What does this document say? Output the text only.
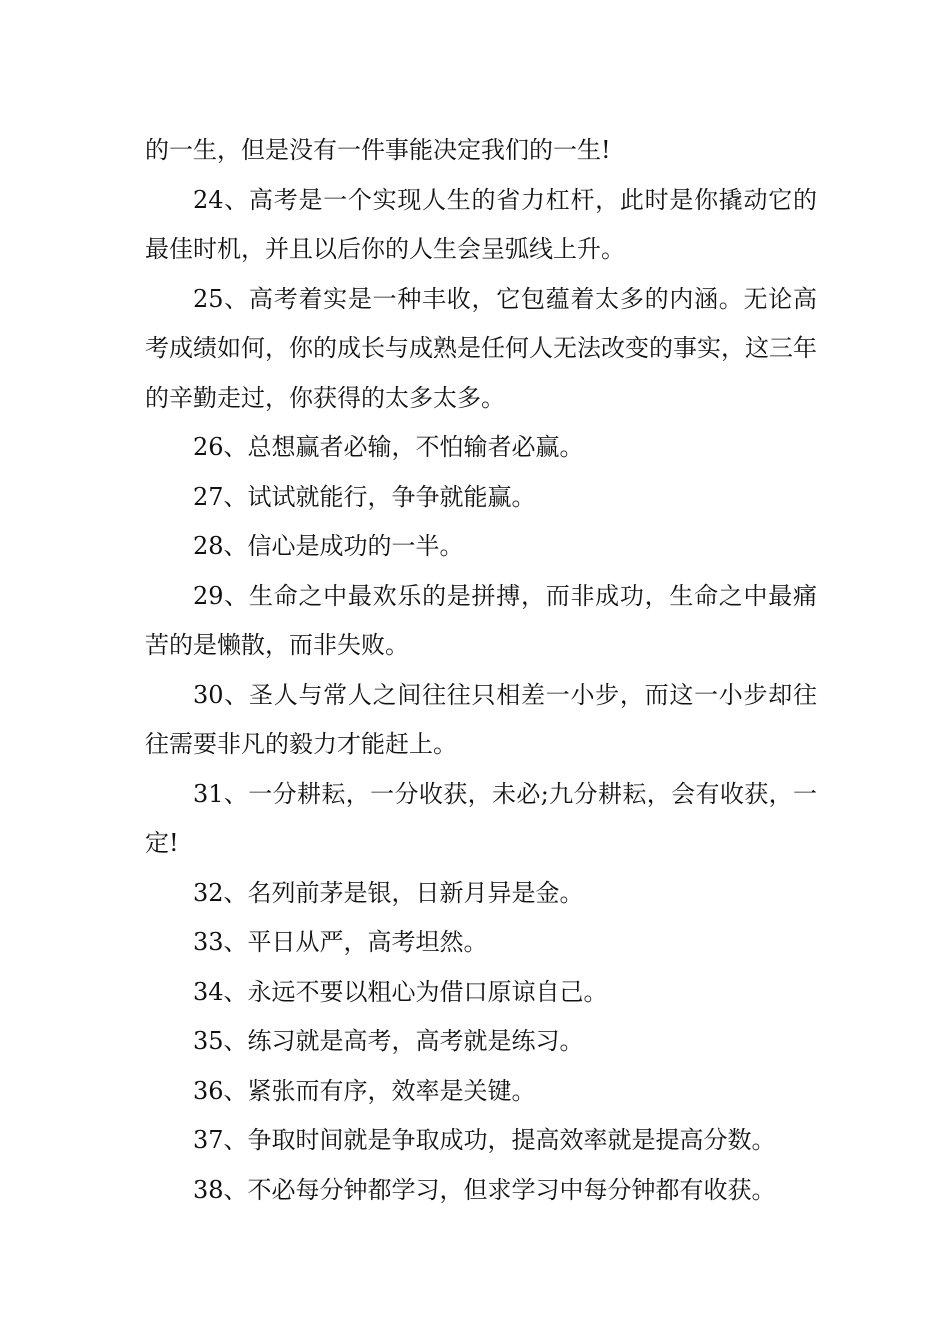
的一生，但是没有一件事能决定我们的一生!

24、高考是一个实现人生的省力杠杆，此时是你撬动它的最佳时机，并且以后你的人生会呈弧线上升。

25、高考着实是一种丰收，它包蕴着太多的内涵。无论高考成绩如何，你的成长与成熟是任何人无法改变的事实，这三年的辛勤走过，你获得的太多太多。

26、总想赢者必输，不怕输者必赢。

27、试试就能行，争争就能赢。

28、信心是成功的一半。

29、生命之中最欢乐的是拼搏，而非成功，生命之中最痛苦的是懒散，而非失败。

30、圣人与常人之间往往只相差一小步，而这一小步却往往需要非凡的毅力才能赶上。

31、一分耕耘，一分收获，未必;九分耕耘，会有收获，一定!

32、名列前茅是银，日新月异是金。

33、平日从严，高考坦然。

34、永远不要以粗心为借口原谅自己。

35、练习就是高考，高考就是练习。

36、紧张而有序，效率是关键。

37、争取时间就是争取成功，提高效率就是提高分数。

38、不必每分钟都学习，但求学习中每分钟都有收获。
